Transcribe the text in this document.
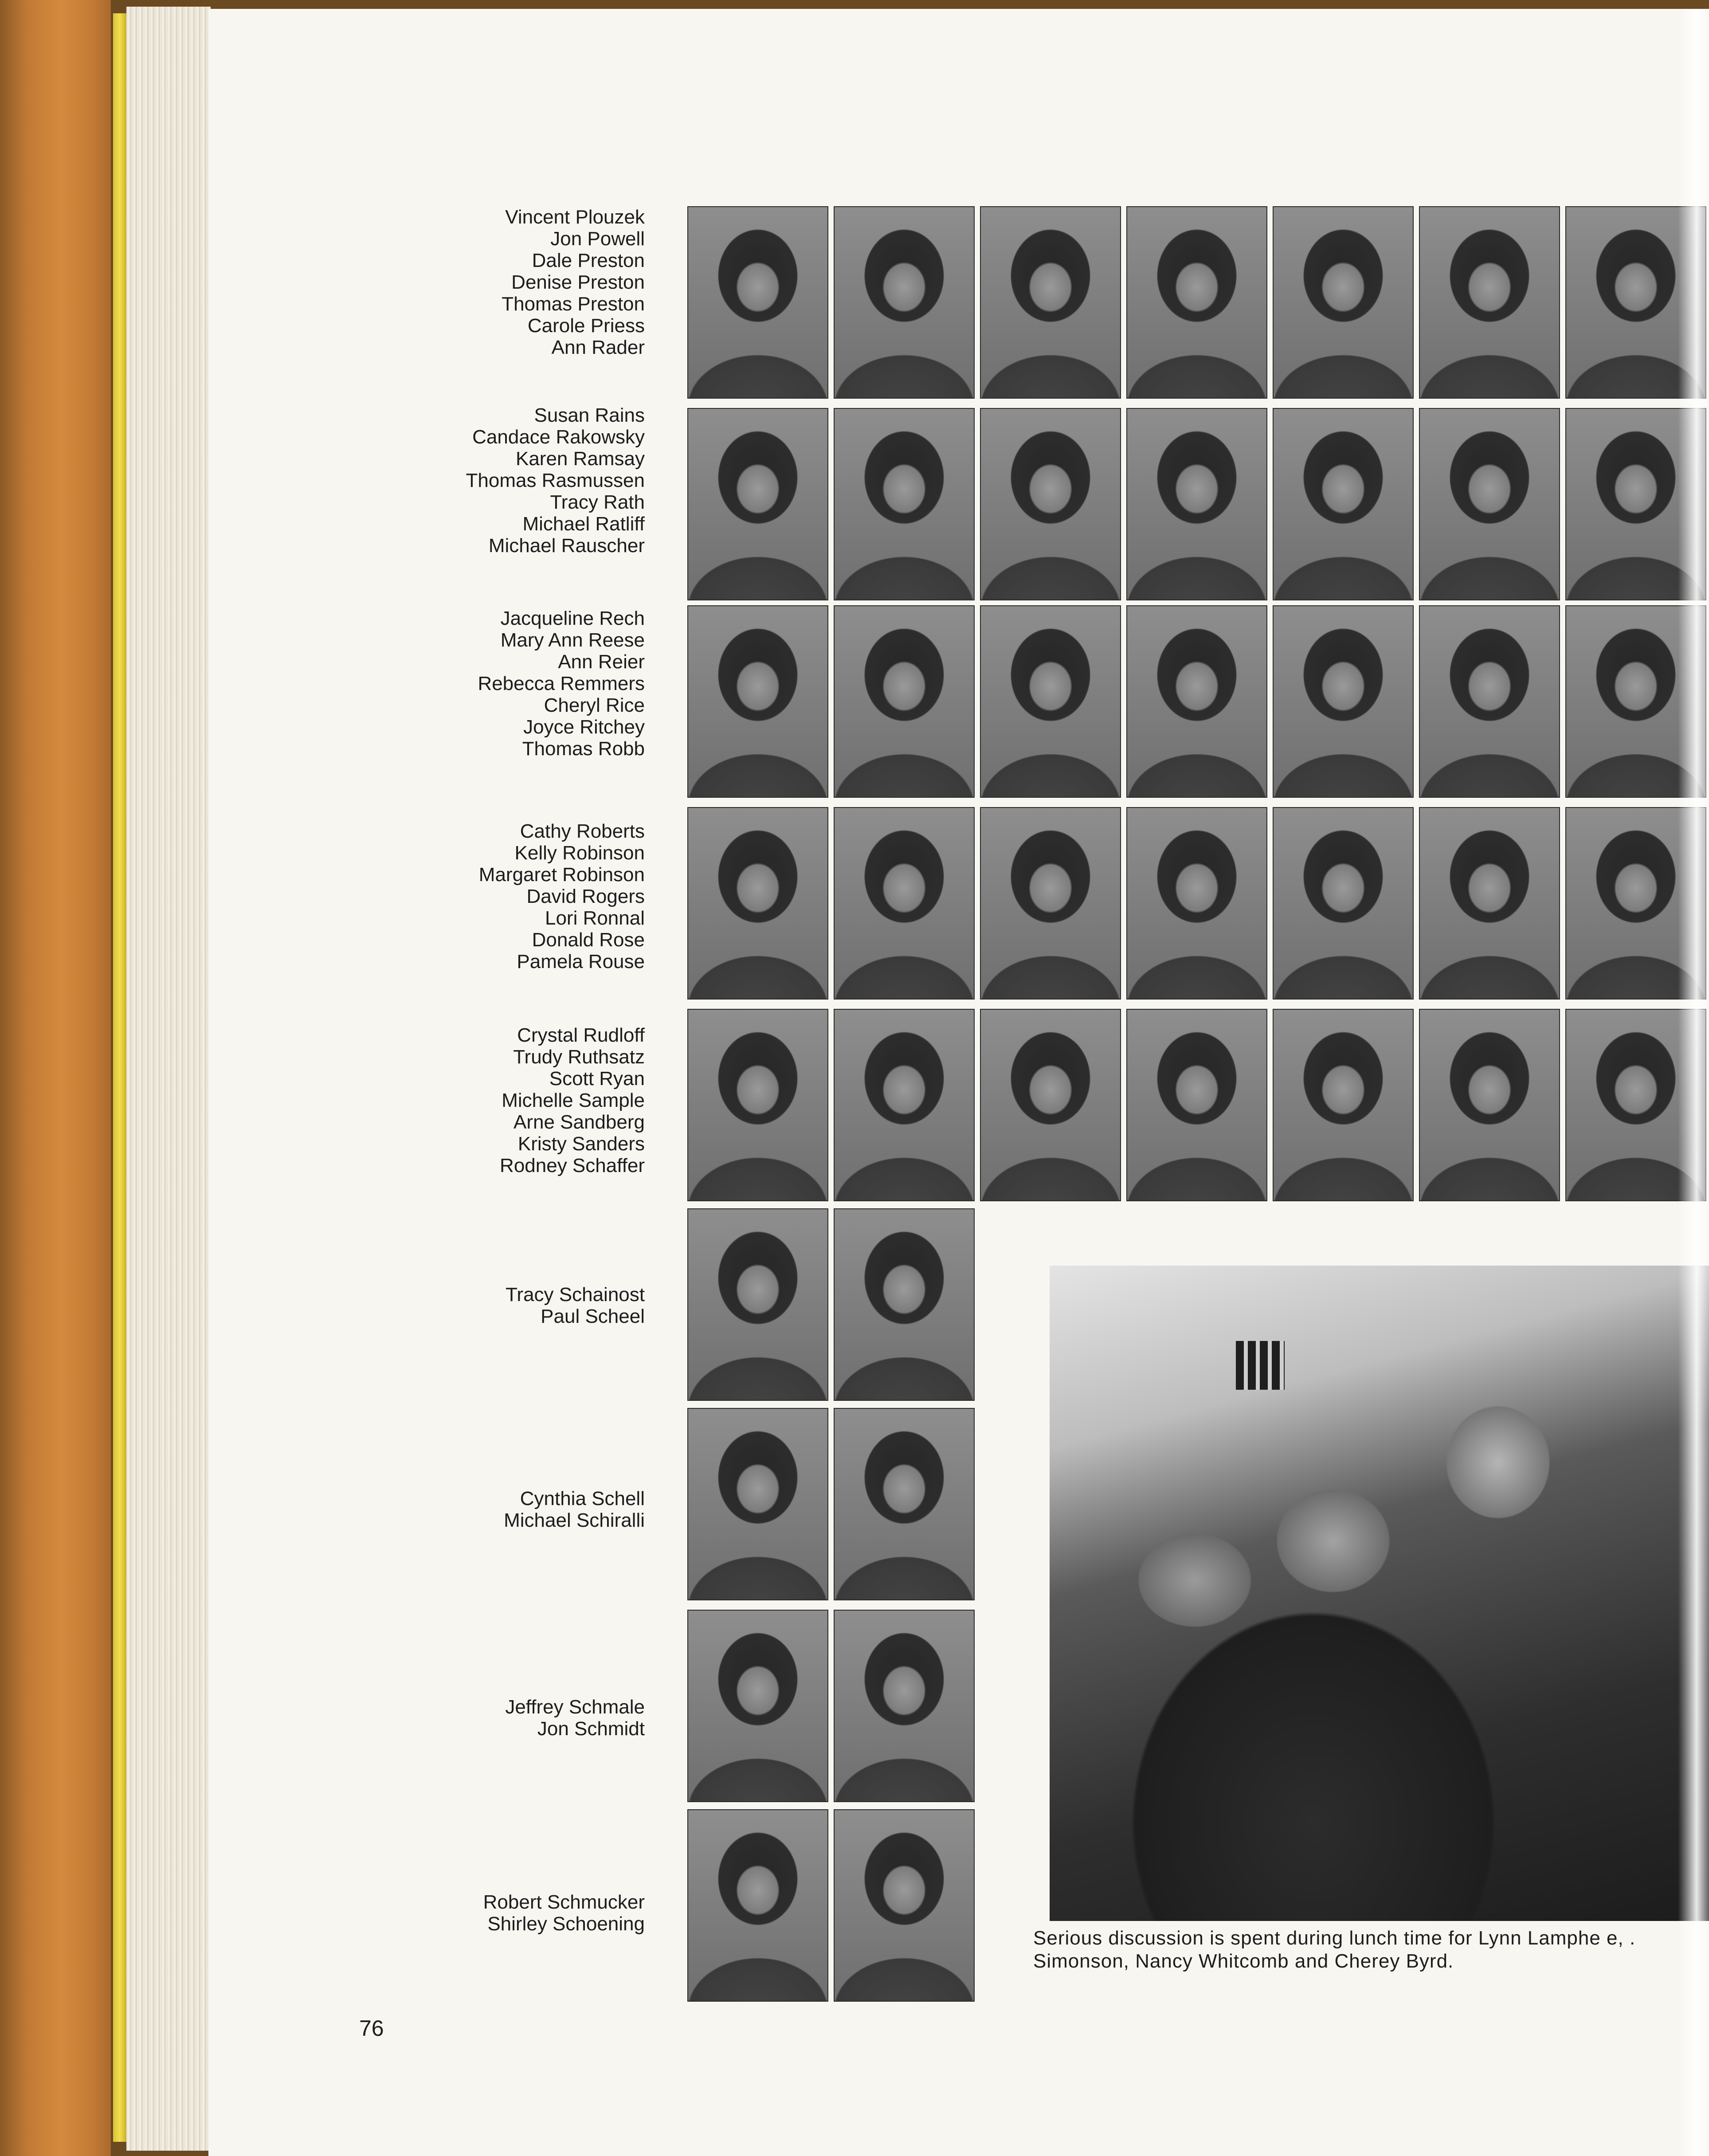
Vincent Plouzek
Jon Powell
Dale Preston
Denise Preston
Thomas Preston
Carole Priess
Ann Rader
Susan Rains
Candace Rakowsky
Karen Ramsay
Thomas Rasmussen
Tracy Rath
Michael Ratliff
Michael Rauscher
Jacqueline Rech
Mary Ann Reese
Ann Reier
Rebecca Remmers
Cheryl Rice
Joyce Ritchey
Thomas Robb
Cathy Roberts
Kelly Robinson
Margaret Robinson
David Rogers
Lori Ronnal
Donald Rose
Pamela Rouse
Crystal Rudloff
Trudy Ruthsatz
Scott Ryan
Michelle Sample
Arne Sandberg
Kristy Sanders
Rodney Schaffer
Tracy Schainost
Paul Scheel
Cynthia Schell
Michael Schiralli
Jeffrey Schmale
Jon Schmidt
Robert Schmucker
Shirley Schoening
Serious discussion is spent during lunch time for Lynn Lamphe e, .
Simonson, Nancy Whitcomb and Cherey Byrd.
76
